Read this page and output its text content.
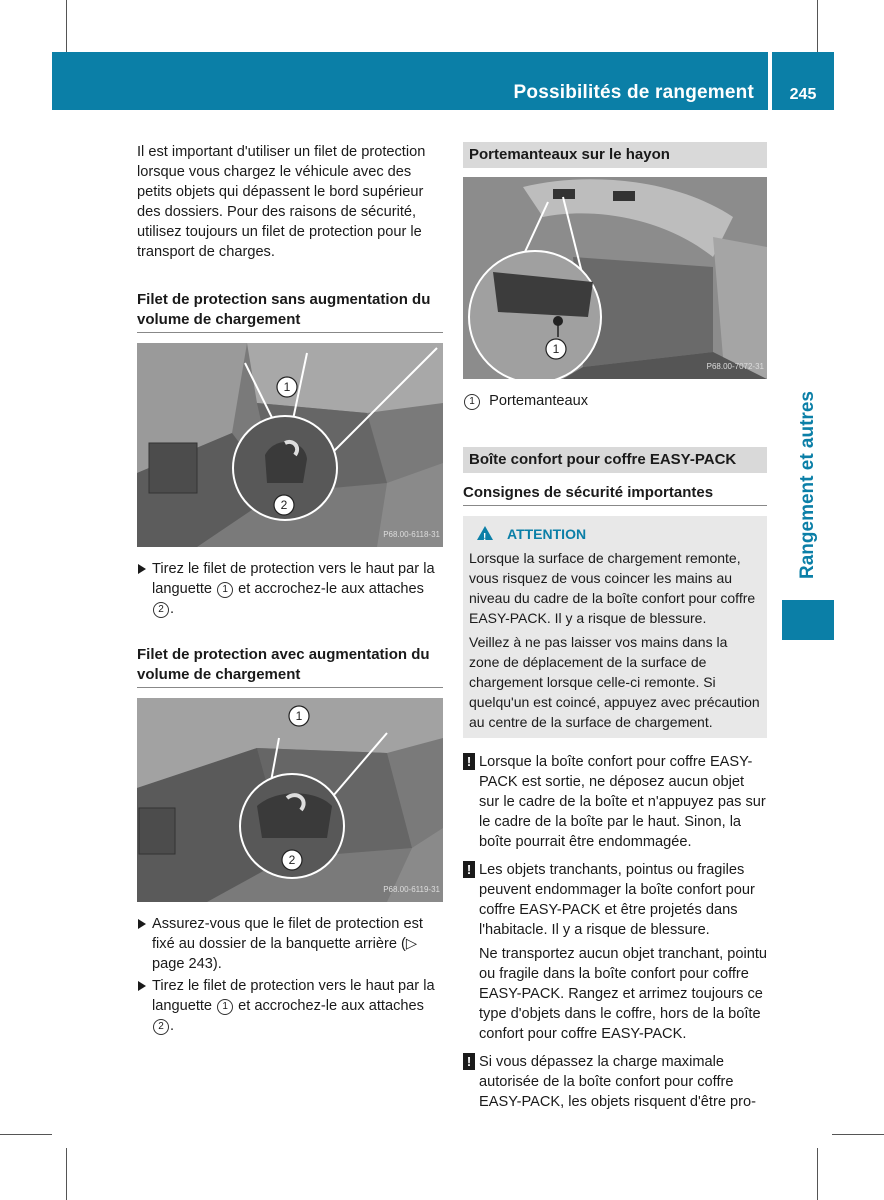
Possibilités de rangement	245
Rangement et autres

Il est important d'utiliser un filet de protection lorsque vous chargez le véhicule avec des petits objets qui dépassent le bord supérieur des dossiers. Pour des raisons de sécurité, utilisez toujours un filet de protection pour le transport de charges.

Filet de protection sans augmentation du volume de chargement
1
2
P68.00-6118-31
Tirez le filet de protection vers le haut par la languette 1 et accrochez-le aux attaches 2 .
Filet de protection avec augmentation du volume de chargement
1
2
P68.00-6119-31
Assurez-vous que le filet de protection est fixé au dossier de la banquette arrière (▷ page 243).
Tirez le filet de protection vers le haut par la languette 1 et accrochez-le aux attaches 2 .
Portemanteaux sur le hayon
1
P68.00-7072-31

1 Portemanteaux

Boîte confort pour coffre EASY-PACK
Consignes de sécurité importantes
!ATTENTION

Lorsque la surface de chargement remonte, vous risquez de vous coincer les mains au niveau du cadre de la boîte confort pour coffre EASY-PACK. Il y a risque de blessure.

Veillez à ne pas laisser vos mains dans la zone de déplacement de la surface de chargement lorsque celle-ci remonte. Si quelqu'un est coincé, appuyez avec précaution au centre de la surface de chargement.

! Lorsque la boîte confort pour coffre EASY-PACK est sortie, ne déposez aucun objet sur le cadre de la boîte et n'appuyez pas sur le cadre de la boîte par le haut. Sinon, la boîte pourrait être endommagée.

! Les objets tranchants, pointus ou fragiles peuvent endommager la boîte confort pour coffre EASY-PACK et être projetés dans l'habitacle. Il y a risque de blessure.

Ne transportez aucun objet tranchant, pointu ou fragile dans la boîte confort pour coffre EASY-PACK. Rangez et arrimez toujours ce type d'objets dans le coffre, hors de la boîte confort pour coffre EASY-PACK.

! Si vous dépassez la charge maximale autorisée de la boîte confort pour coffre EASY-PACK, les objets risquent d'être pro-
